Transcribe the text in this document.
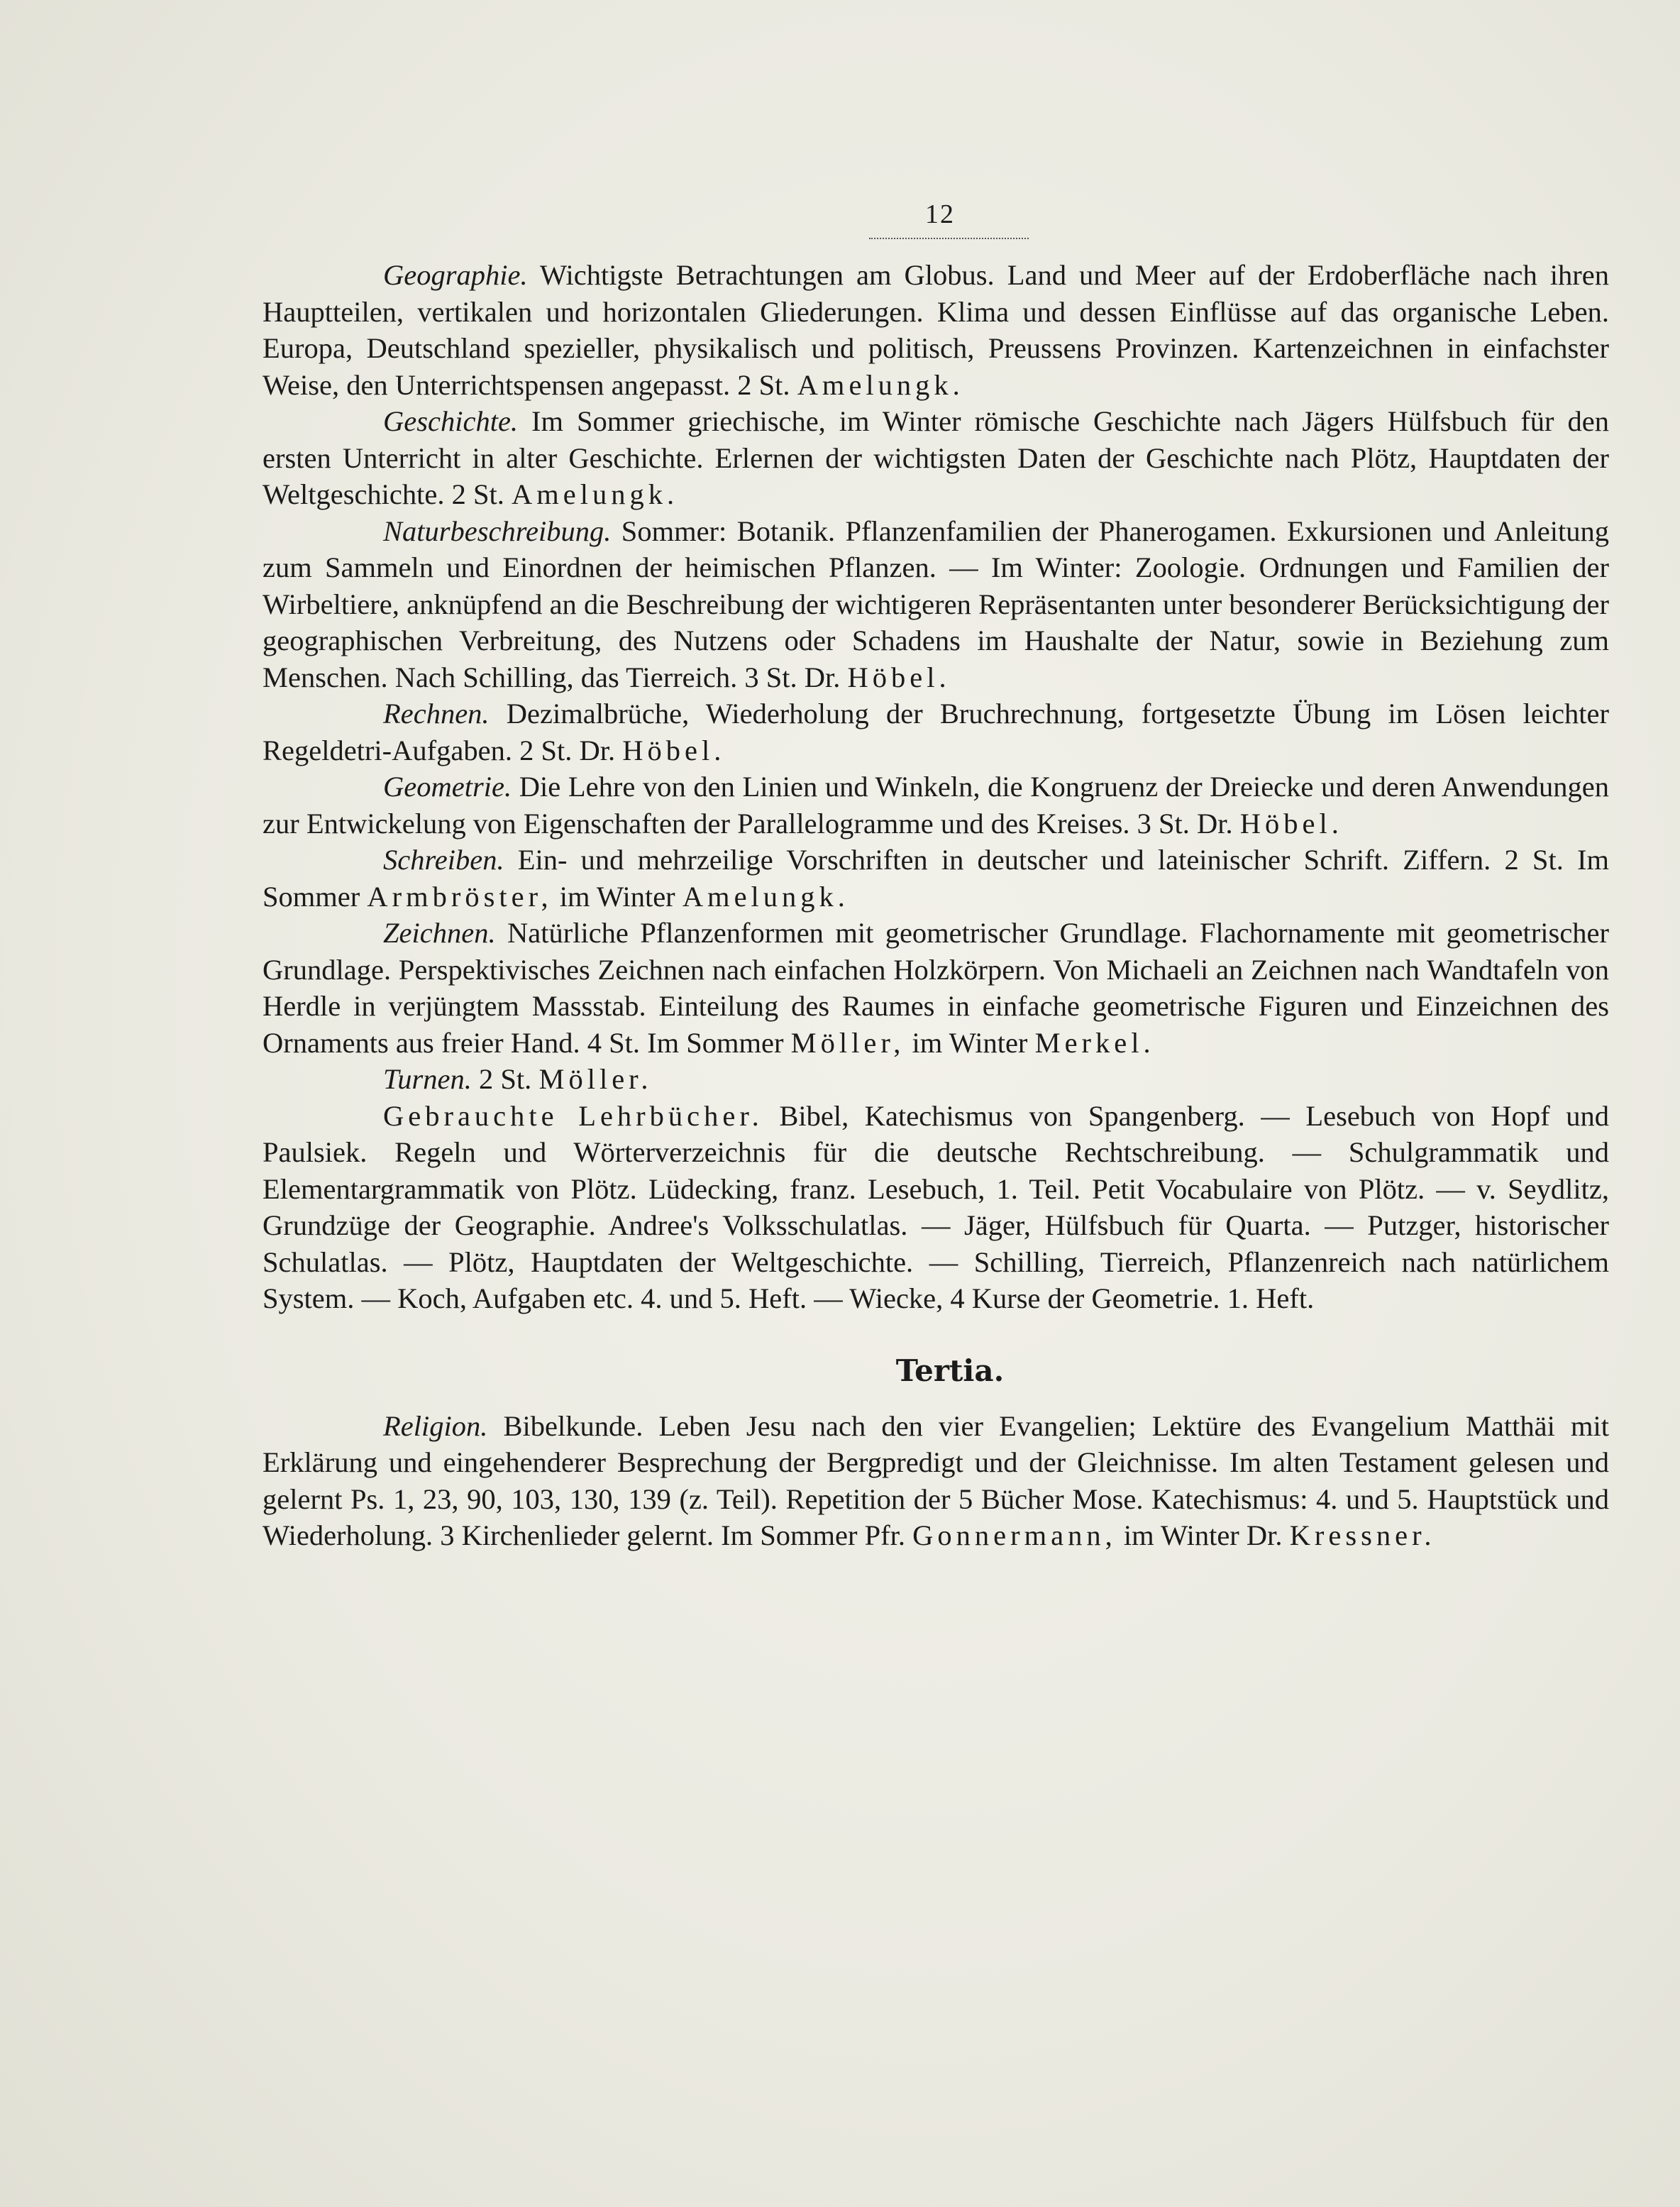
12

Geographie. Wichtigste Betrachtungen am Globus. Land und Meer auf der Erdoberfläche nach ihren Hauptteilen, vertikalen und horizontalen Gliederungen. Klima und dessen Einflüsse auf das organische Leben. Europa, Deutschland spezieller, physikalisch und politisch, Preussens Provinzen. Kartenzeichnen in einfachster Weise, den Unterrichtspensen angepasst. 2 St. Amelungk.

Geschichte. Im Sommer griechische, im Winter römische Geschichte nach Jägers Hülfsbuch für den ersten Unterricht in alter Geschichte. Erlernen der wichtigsten Daten der Geschichte nach Plötz, Hauptdaten der Weltgeschichte. 2 St. Amelungk.

Naturbeschreibung. Sommer: Botanik. Pflanzenfamilien der Phanerogamen. Exkursionen und Anleitung zum Sammeln und Einordnen der heimischen Pflanzen. — Im Winter: Zoologie. Ordnungen und Familien der Wirbeltiere, anknüpfend an die Beschreibung der wichtigeren Repräsentanten unter besonderer Berücksichtigung der geographischen Verbreitung, des Nutzens oder Schadens im Haushalte der Natur, sowie in Beziehung zum Menschen. Nach Schilling, das Tierreich. 3 St. Dr. Höbel.

Rechnen. Dezimalbrüche, Wiederholung der Bruchrechnung, fortgesetzte Übung im Lösen leichter Regeldetri-Aufgaben. 2 St. Dr. Höbel.

Geometrie. Die Lehre von den Linien und Winkeln, die Kongruenz der Dreiecke und deren Anwendungen zur Entwickelung von Eigenschaften der Parallelogramme und des Kreises. 3 St. Dr. Höbel.

Schreiben. Ein- und mehrzeilige Vorschriften in deutscher und lateinischer Schrift. Ziffern. 2 St. Im Sommer Armbröster, im Winter Amelungk.

Zeichnen. Natürliche Pflanzenformen mit geometrischer Grundlage. Flachornamente mit geometrischer Grundlage. Perspektivisches Zeichnen nach einfachen Holzkörpern. Von Michaeli an Zeichnen nach Wandtafeln von Herdle in verjüngtem Massstab. Einteilung des Raumes in einfache geometrische Figuren und Einzeichnen des Ornaments aus freier Hand. 4 St. Im Sommer Möller, im Winter Merkel.

Turnen. 2 St. Möller.

Gebrauchte Lehrbücher. Bibel, Katechismus von Spangenberg. — Lesebuch von Hopf und Paulsiek. Regeln und Wörterverzeichnis für die deutsche Rechtschreibung. — Schulgrammatik und Elementargrammatik von Plötz. Lüdecking, franz. Lesebuch, 1. Teil. Petit Vocabulaire von Plötz. — v. Seydlitz, Grundzüge der Geographie. Andree's Volksschulatlas. — Jäger, Hülfsbuch für Quarta. — Putzger, historischer Schulatlas. — Plötz, Hauptdaten der Weltgeschichte. — Schilling, Tierreich, Pflanzenreich nach natürlichem System. — Koch, Aufgaben etc. 4. und 5. Heft. — Wiecke, 4 Kurse der Geometrie. 1. Heft.

Tertia.

Religion. Bibelkunde. Leben Jesu nach den vier Evangelien; Lektüre des Evangelium Matthäi mit Erklärung und eingehenderer Besprechung der Bergpredigt und der Gleichnisse. Im alten Testament gelesen und gelernt Ps. 1, 23, 90, 103, 130, 139 (z. Teil). Repetition der 5 Bücher Mose. Katechismus: 4. und 5. Hauptstück und Wiederholung. 3 Kirchenlieder gelernt. Im Sommer Pfr. Gonnermann, im Winter Dr. Kressner.
